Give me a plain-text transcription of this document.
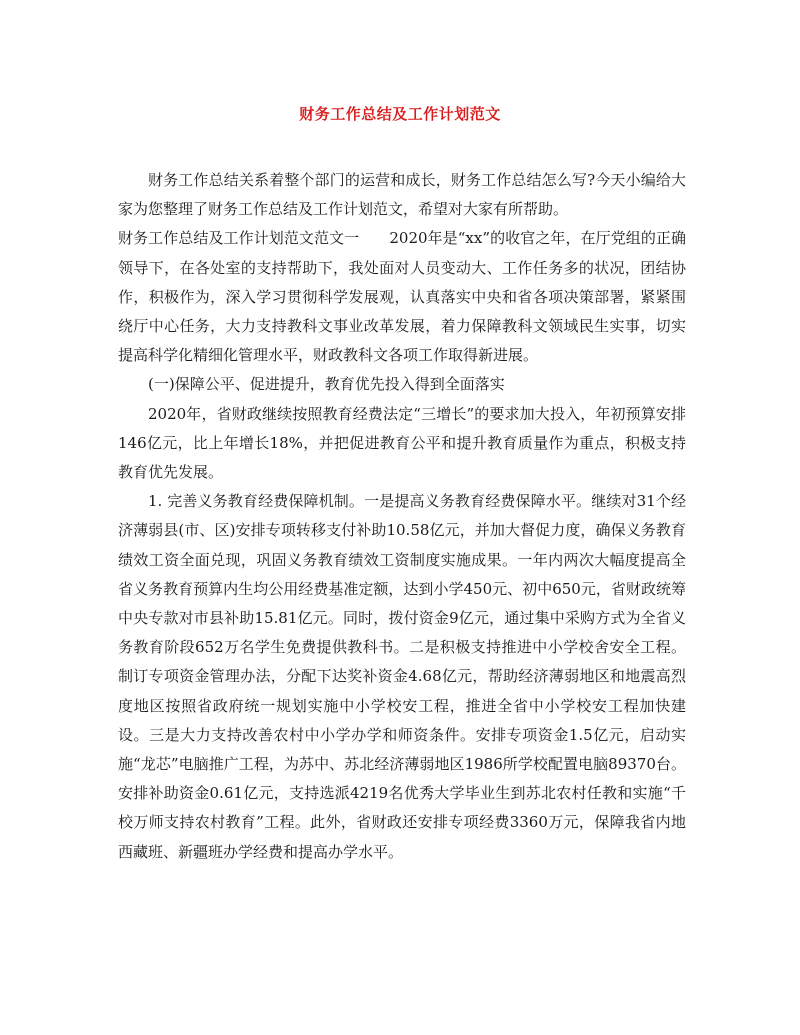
财务工作总结及工作计划范文

财务工作总结关系着整个部门的运营和成长，财务工作总结怎么写?今天小编给大家为您整理了财务工作总结及工作计划范文，希望对大家有所帮助。

财务工作总结及工作计划范文范文一　　2020年是“xx”的收官之年，在厅党组的正确领导下，在各处室的支持帮助下，我处面对人员变动大、工作任务多的状况，团结协作，积极作为，深入学习贯彻科学发展观，认真落实中央和省各项决策部署，紧紧围绕厅中心任务，大力支持教科文事业改革发展，着力保障教科文领域民生实事，切实提高科学化精细化管理水平，财政教科文各项工作取得新进展。

(一)保障公平、促进提升，教育优先投入得到全面落实

2020年，省财政继续按照教育经费法定“三增长”的要求加大投入，年初预算安排146亿元，比上年增长18%，并把促进教育公平和提升教育质量作为重点，积极支持教育优先发展。

1. 完善义务教育经费保障机制。一是提高义务教育经费保障水平。继续对31个经济薄弱县(市、区)安排专项转移支付补助10.58亿元，并加大督促力度，确保义务教育绩效工资全面兑现，巩固义务教育绩效工资制度实施成果。一年内两次大幅度提高全省义务教育预算内生均公用经费基准定额，达到小学450元、初中650元，省财政统筹中央专款对市县补助15.81亿元。同时，拨付资金9亿元，通过集中采购方式为全省义务教育阶段652万名学生免费提供教科书。二是积极支持推进中小学校舍安全工程。制订专项资金管理办法，分配下达奖补资金4.68亿元，帮助经济薄弱地区和地震高烈度地区按照省政府统一规划实施中小学校安工程，推进全省中小学校安工程加快建设。三是大力支持改善农村中小学办学和师资条件。安排专项资金1.5亿元，启动实施“龙芯”电脑推广工程，为苏中、苏北经济薄弱地区1986所学校配置电脑89370台。安排补助资金0.61亿元，支持选派4219名优秀大学毕业生到苏北农村任教和实施“千校万师支持农村教育”工程。此外，省财政还安排专项经费3360万元，保障我省内地西藏班、新疆班办学经费和提高办学水平。
